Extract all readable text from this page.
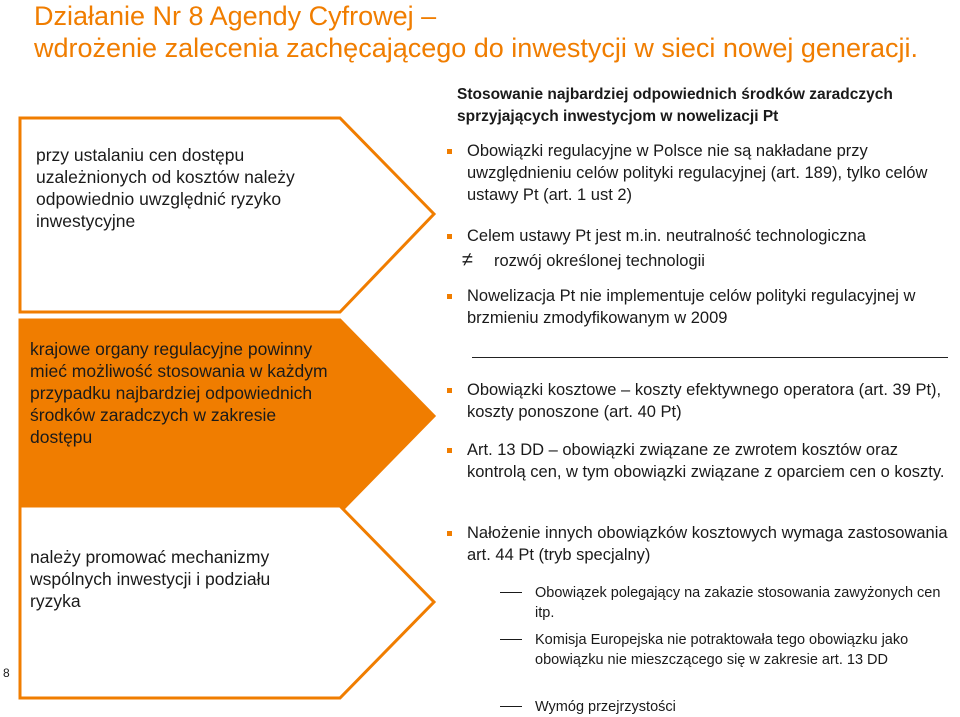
Działanie Nr 8 Agendy Cyfrowej –
wdrożenie zalecenia zachęcającego do inwestycji w sieci nowej generacji.
przy ustalaniu cen dostępu uzależnionych od kosztów należy odpowiednio uwzględnić ryzyko inwestycyjne
krajowe organy regulacyjne powinny mieć możliwość stosowania w każdym przypadku najbardziej odpowiednich środków zaradczych w zakresie dostępu
należy promować mechanizmy wspólnych inwestycji i podziału ryzyka
8
Stosowanie najbardziej odpowiednich środków zaradczych sprzyjających inwestycjom w nowelizacji Pt
Obowiązki regulacyjne w Polsce nie są nakładane przy uwzględnieniu celów polityki regulacyjnej (art. 189), tylko celów ustawy Pt (art. 1 ust 2)
Celem ustawy Pt jest m.in. neutralność technologiczna
rozwój określonej technologii
Nowelizacja Pt nie implementuje celów polityki regulacyjnej w brzmieniu zmodyfikowanym w 2009
Obowiązki kosztowe – koszty efektywnego operatora (art. 39 Pt), koszty ponoszone (art. 40 Pt)
Art. 13 DD – obowiązki związane ze zwrotem kosztów oraz kontrolą cen, w tym obowiązki związane z oparciem cen o koszty.
Nałożenie innych obowiązków kosztowych wymaga zastosowania art. 44 Pt (tryb specjalny)
≠
Obowiązek polegający na zakazie stosowania zawyżonych cen itp.
Komisja Europejska nie potraktowała tego obowiązku jako obowiązku nie mieszczącego się w zakresie art. 13 DD
Wymóg przejrzystości
